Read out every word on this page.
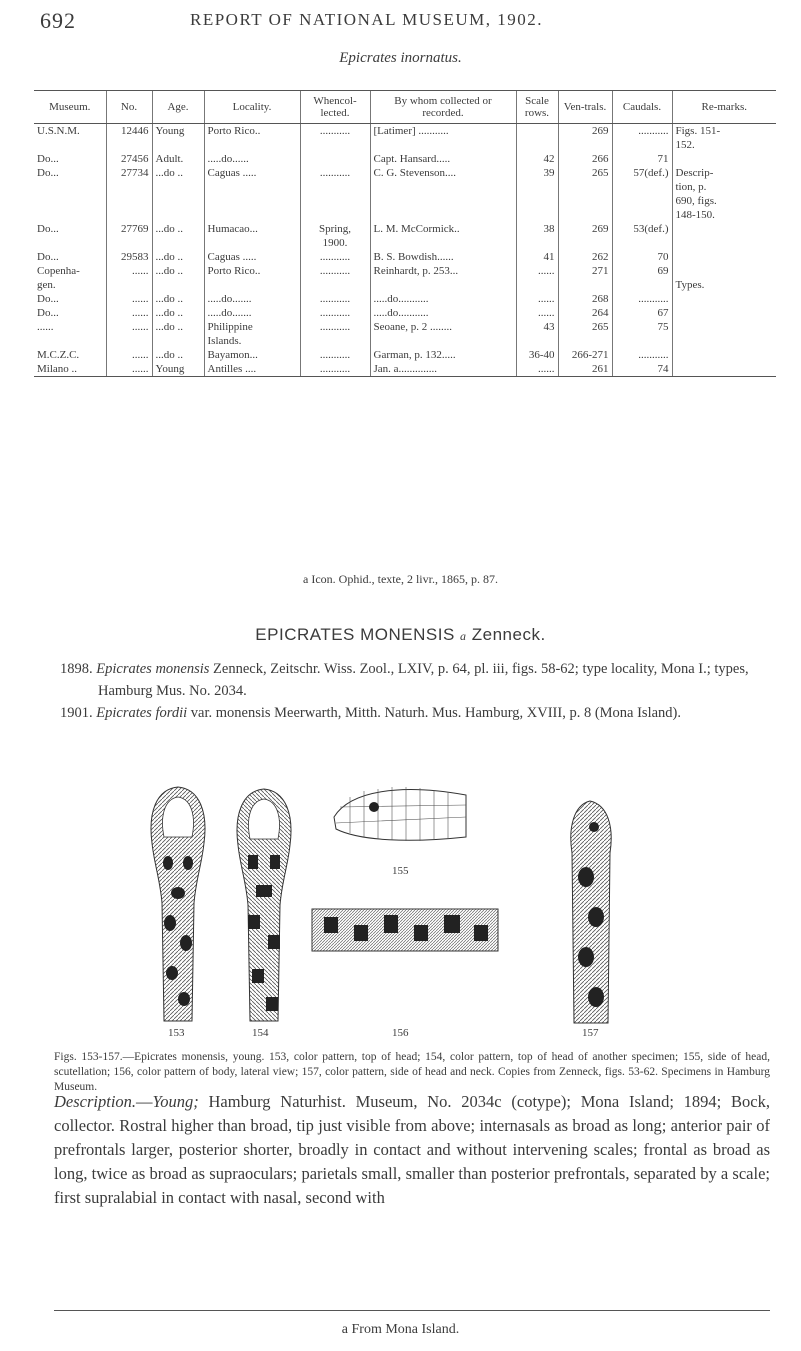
692	REPORT OF NATIONAL MUSEUM, 1902.
Epicrates inornatus.
Museum.	No.	Age.	Locality.	Whencol-lected.	By whom collected or recorded.	Scale rows.	Ven-trals.	Caudals.	Re-marks.
U.S.N.M.	12446	Young	Porto Rico..	...........	[Latimer] ...........		269	...........	Figs. 151-
									152.
Do...	27456	Adult.	.....do......		Capt. Hansard.....	42	266	71	
Do...	27734	...do ..	Caguas .....	...........	C. G. Stevenson....	39	265	57(def.)	Descrip-
									tion, p.
									690, figs.
									148-150.
Do...	27769	...do ..	Humacao...	Spring,	L. M. McCormick..	38	269	53(def.)	
				1900.					
Do...	29583	...do ..	Caguas .....	...........	B. S. Bowdish......	41	262	70	
Copenha-	......	...do ..	Porto Rico..	...........	Reinhardt, p. 253...	......	271	69	
gen.									Types.
Do...	......	...do ..	.....do.......	...........	.....do...........	......	268	...........	
Do...	......	...do ..	.....do.......	...........	.....do...........	......	264	67	
......	......	...do ..	Philippine	...........	Seoane, p. 2 ........	43	265	75	
			Islands.						
M.C.Z.C.	......	...do ..	Bayamon...	...........	Garman, p. 132.....	36-40	266-271	...........	
Milano ..	......	Young	Antilles ....	...........	Jan. a..............	......	261	74	
a Icon. Ophid., texte, 2 livr., 1865, p. 87.
EPICRATES MONENSIS a Zenneck.

1898. Epicrates monensis Zenneck, Zeitschr. Wiss. Zool., LXIV, p. 64, pl. iii, figs. 58-62; type locality, Mona I.; types, Hamburg Mus. No. 2034.

1901. Epicrates fordii var. monensis Meerwarth, Mitth. Naturh. Mus. Hamburg, XVIII, p. 8 (Mona Island).

153	154
155
156	157
Figs. 153-157.—Epicrates monensis, young. 153, color pattern, top of head; 154, color pattern, top of head of another specimen; 155, side of head, scutellation; 156, color pattern of body, lateral view; 157, color pattern, side of head and neck. Copies from Zenneck, figs. 53-62. Specimens in Hamburg Museum.
Description.—Young; Hamburg Naturhist. Museum, No. 2034c (cotype); Mona Island; 1894; Bock, collector. Rostral higher than broad, tip just visible from above; internasals as broad as long; anterior pair of prefrontals larger, posterior shorter, broadly in contact and without intervening scales; frontal as broad as long, twice as broad as supraoculars; parietals small, smaller than posterior prefrontals, separated by a scale; first supralabial in contact with nasal, second with
a From Mona Island.
